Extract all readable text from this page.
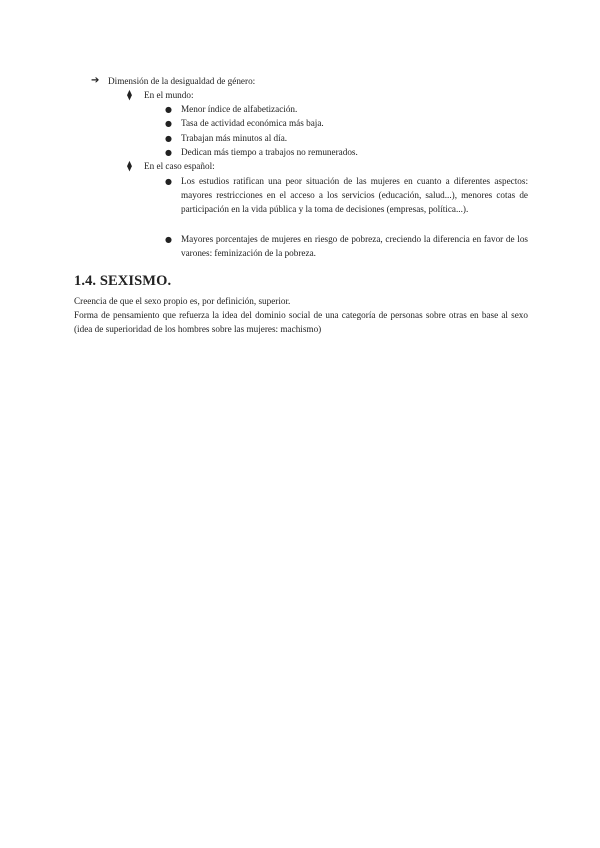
➔ Dimensión de la desigualdad de género:
⧫ En el mundo:
● Menor índice de alfabetización.
● Tasa de actividad económica más baja.
● Trabajan más minutos al día.
● Dedican más tiempo a trabajos no remunerados.
⧫ En el caso español:
● Los estudios ratifican una peor situación de las mujeres en cuanto a diferentes aspectos: mayores restricciones en el acceso a los servicios (educación, salud...), menores cotas de participación en la vida pública y la toma de decisiones (empresas, política...).
● Mayores porcentajes de mujeres en riesgo de pobreza, creciendo la diferencia en favor de los varones: feminización de la pobreza.
1.4. SEXISMO.
Creencia de que el sexo propio es, por definición, superior.
Forma de pensamiento que refuerza la idea del dominio social de una categoría de personas sobre otras en base al sexo (idea de superioridad de los hombres sobre las mujeres: machismo)
